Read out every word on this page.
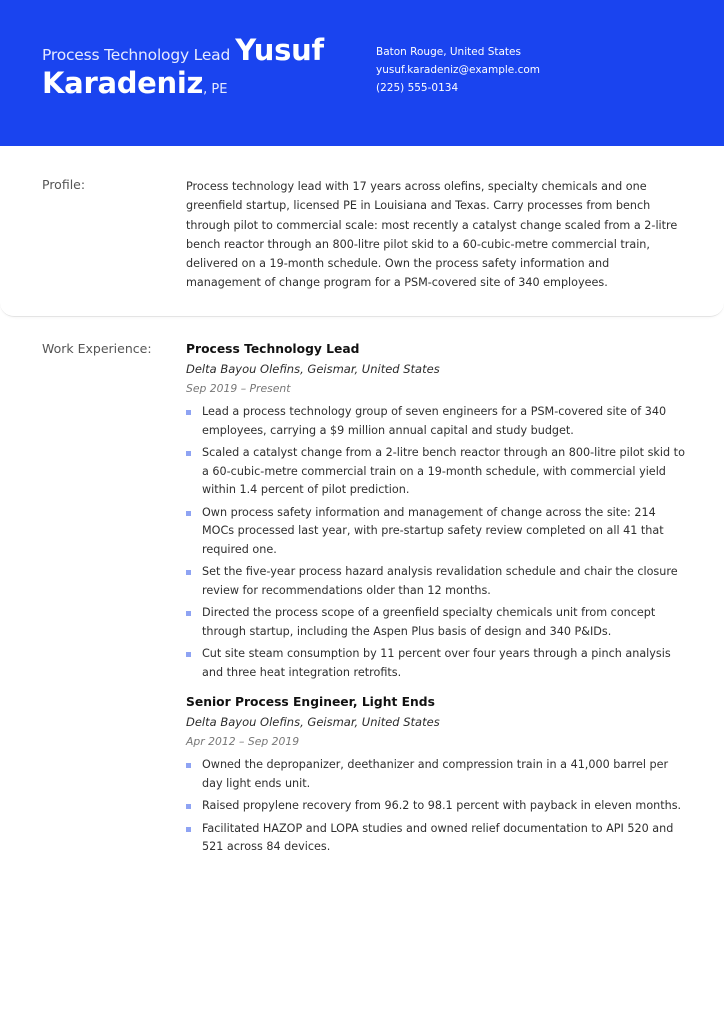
Process Technology Lead Yusuf
Karadeniz, PE
Baton Rouge, United States
yusuf.karadeniz@example.com
(225) 555-0134
Profile:	Process technology lead with 17 years across olefins, specialty chemicals and one greenfield startup, licensed PE in Louisiana and Texas. Carry processes from bench through pilot to commercial scale: most recently a catalyst change scaled from a 2-litre bench reactor through an 800-litre pilot skid to a 60-cubic-metre commercial train, delivered on a 19-month schedule. Own the process safety information and management of change program for a PSM-covered site of 340 employees.
Work Experience:	Process Technology Lead
Delta Bayou Olefins, Geismar, United States
Sep 2019 – Present
Lead a process technology group of seven engineers for a PSM-covered site of 340 employees, carrying a $9 million annual capital and study budget.
Scaled a catalyst change from a 2-litre bench reactor through an 800-litre pilot skid to a 60-cubic-metre commercial train on a 19-month schedule, with commercial yield within 1.4 percent of pilot prediction.
Own process safety information and management of change across the site: 214 MOCs processed last year, with pre-startup safety review completed on all 41 that required one.
Set the five-year process hazard analysis revalidation schedule and chair the closure review for recommendations older than 12 months.
Directed the process scope of a greenfield specialty chemicals unit from concept through startup, including the Aspen Plus basis of design and 340 P&IDs.
Cut site steam consumption by 11 percent over four years through a pinch analysis and three heat integration retrofits.
Senior Process Engineer, Light Ends
Delta Bayou Olefins, Geismar, United States
Apr 2012 – Sep 2019
Owned the depropanizer, deethanizer and compression train in a 41,000 barrel per day light ends unit.
Raised propylene recovery from 96.2 to 98.1 percent with payback in eleven months.
Facilitated HAZOP and LOPA studies and owned relief documentation to API 520 and 521 across 84 devices.
